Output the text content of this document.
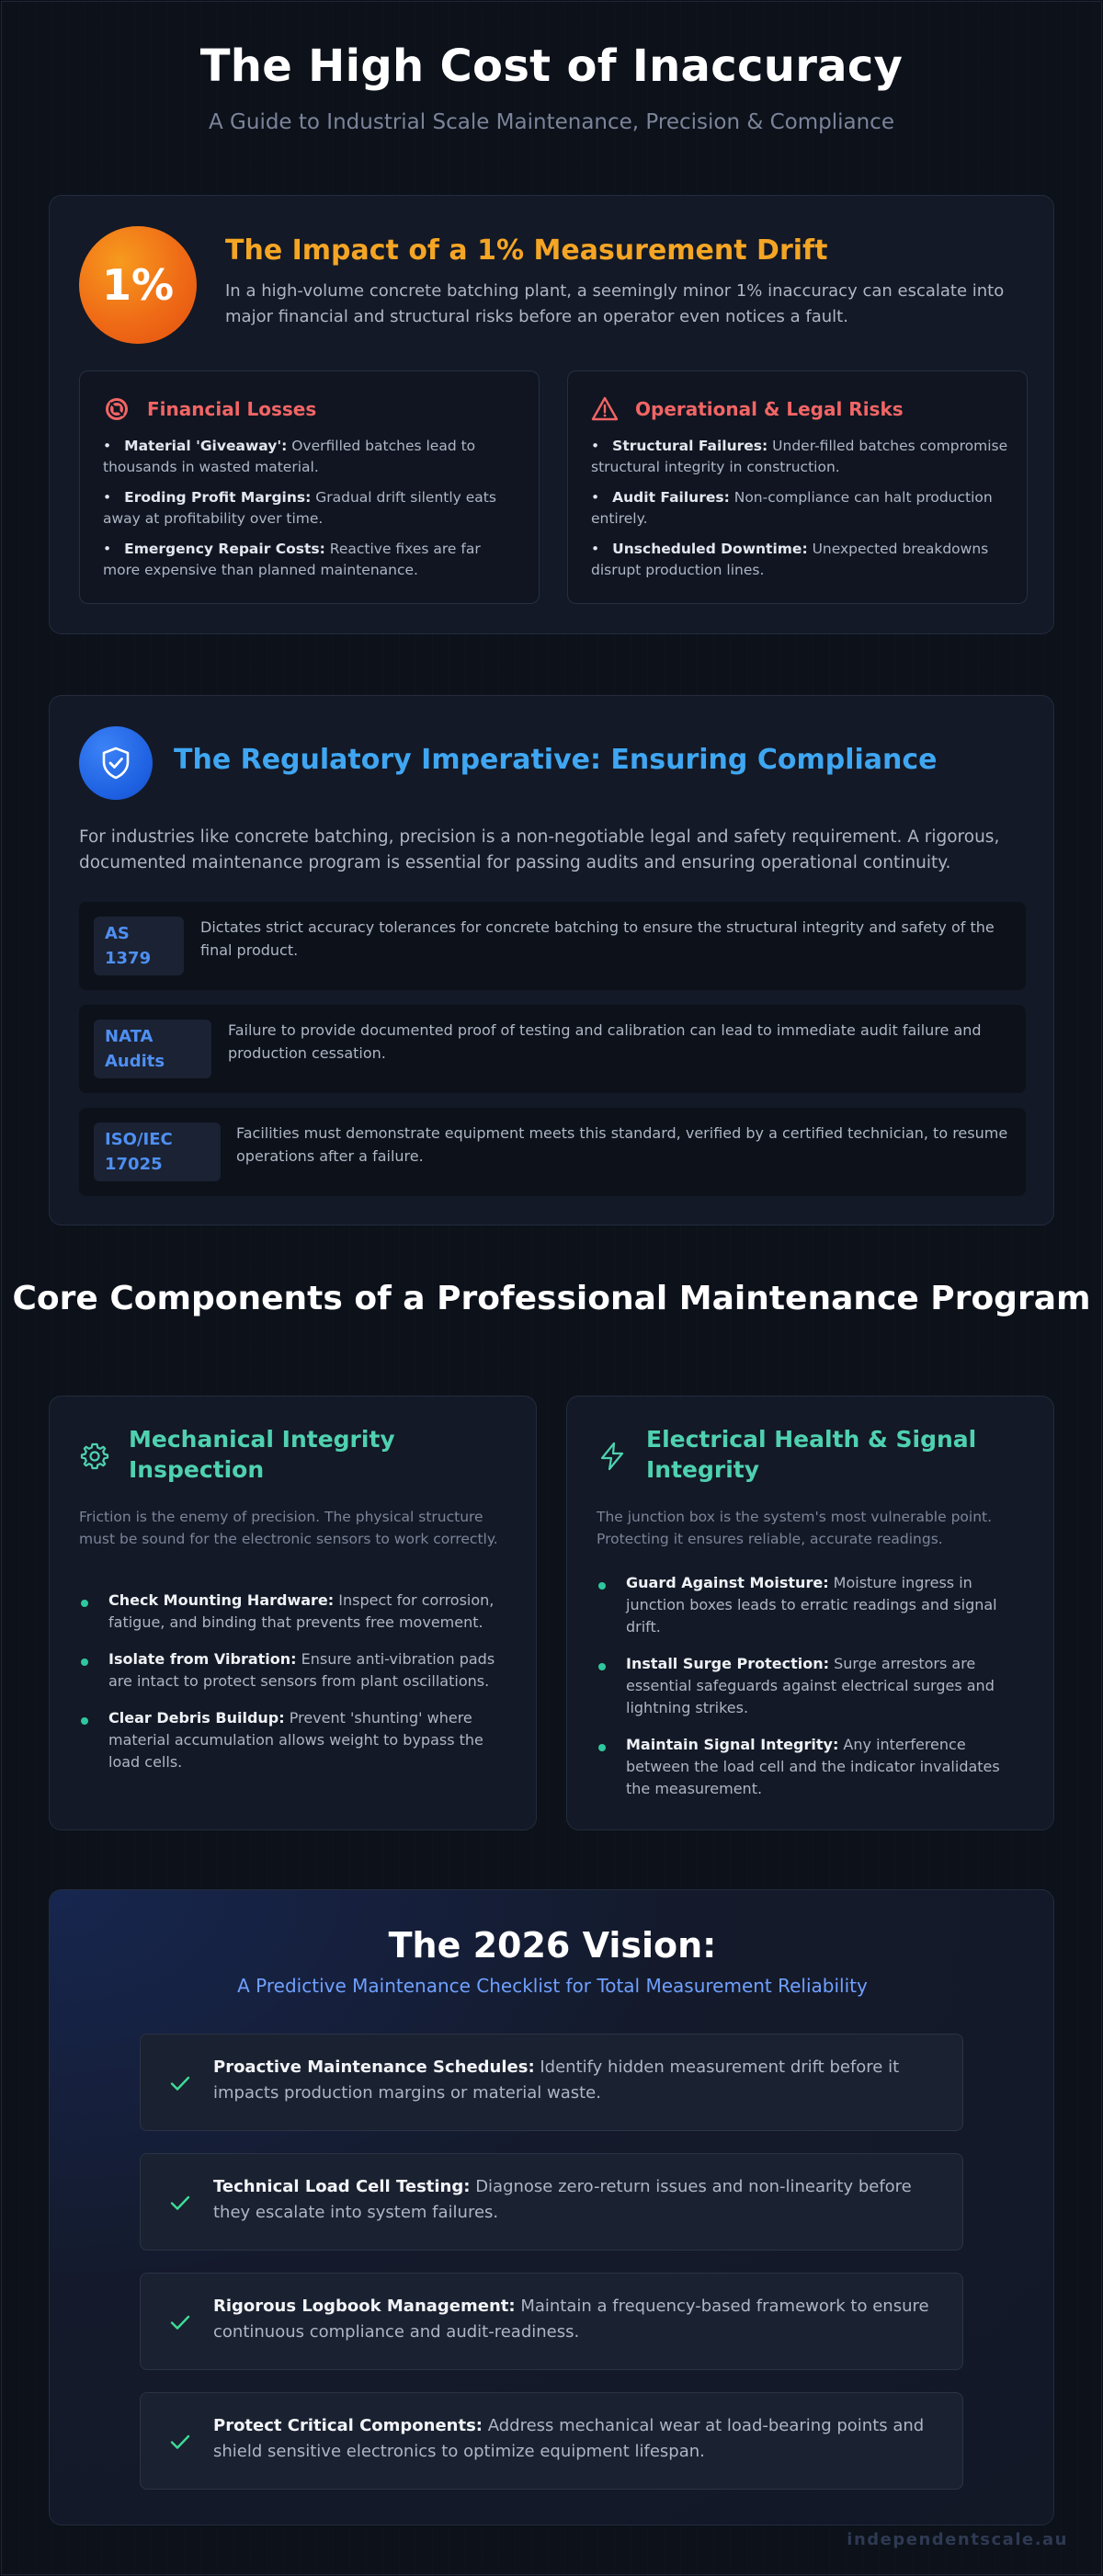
The High Cost of Inaccuracy

A Guide to Industrial Scale Maintenance, Precision & Compliance

1%
The Impact of a 1% Measurement Drift

In a high-volume concrete batching plant, a seemingly minor 1% inaccuracy can escalate into major financial and structural risks before an operator even notices a fault.

Financial Losses
• Material 'Giveaway': Overfilled batches lead to thousands in wasted material.
• Eroding Profit Margins: Gradual drift silently eats away at profitability over time.
• Emergency Repair Costs: Reactive fixes are far more expensive than planned maintenance.
Operational & Legal Risks
• Structural Failures: Under-filled batches compromise structural integrity in construction.
• Audit Failures: Non-compliance can halt production entirely.
• Unscheduled Downtime: Unexpected breakdowns disrupt production lines.
The Regulatory Imperative: Ensuring Compliance

For industries like concrete batching, precision is a non-negotiable legal and safety requirement. A rigorous, documented maintenance program is essential for passing audits and ensuring operational continuity.

AS
1379
Dictates strict accuracy tolerances for concrete batching to ensure the structural integrity and safety of the final product.
NATA
Audits
Failure to provide documented proof of testing and calibration can lead to immediate audit failure and production cessation.
ISO/IEC
17025
Facilities must demonstrate equipment meets this standard, verified by a certified technician, to resume operations after a failure.
Core Components of a Professional Maintenance Program
Mechanical Integrity Inspection

Friction is the enemy of precision. The physical structure must be sound for the electronic sensors to work correctly.

Check Mounting Hardware: Inspect for corrosion, fatigue, and binding that prevents free movement.
Isolate from Vibration: Ensure anti-vibration pads are intact to protect sensors from plant oscillations.
Clear Debris Buildup: Prevent 'shunting' where material accumulation allows weight to bypass the load cells.
Electrical Health & Signal Integrity

The junction box is the system's most vulnerable point. Protecting it ensures reliable, accurate readings.

Guard Against Moisture: Moisture ingress in junction boxes leads to erratic readings and signal drift.
Install Surge Protection: Surge arrestors are essential safeguards against electrical surges and lightning strikes.
Maintain Signal Integrity: Any interference between the load cell and the indicator invalidates the measurement.
The 2026 Vision:

A Predictive Maintenance Checklist for Total Measurement Reliability

Proactive Maintenance Schedules: Identify hidden measurement drift before it impacts production margins or material waste.

Technical Load Cell Testing: Diagnose zero-return issues and non-linearity before they escalate into system failures.

Rigorous Logbook Management: Maintain a frequency-based framework to ensure continuous compliance and audit-readiness.

Protect Critical Components: Address mechanical wear at load-bearing points and shield sensitive electronics to optimize equipment lifespan.

independentscale.au
